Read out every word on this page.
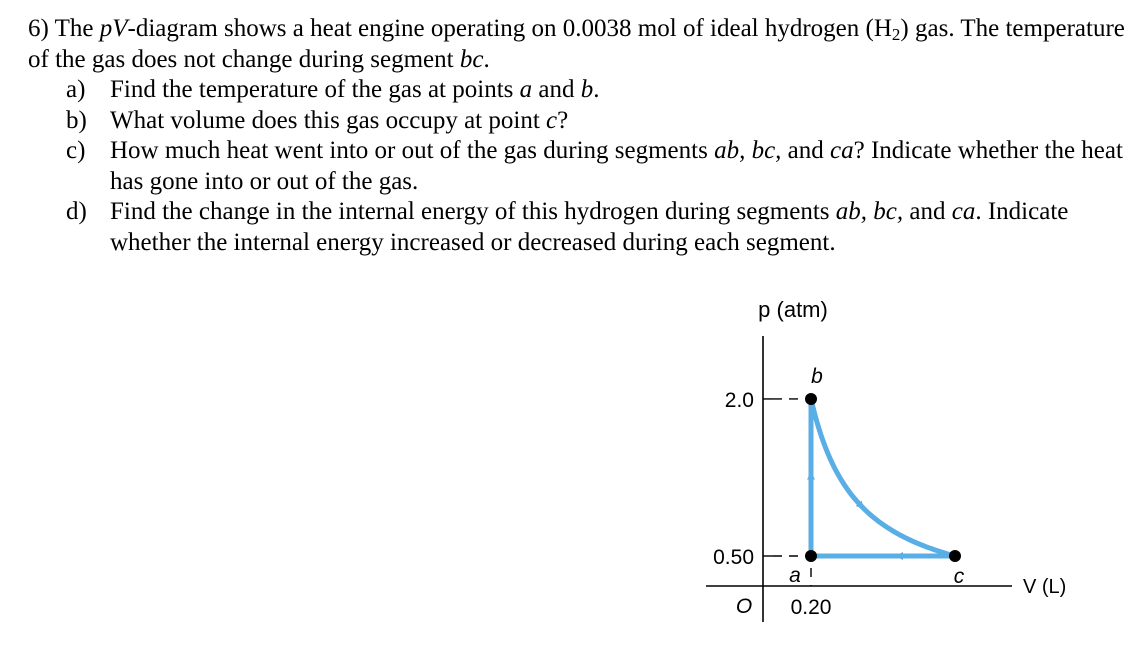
6) The pV-diagram shows a heat engine operating on 0.0038 mol of ideal hydrogen $(H_2)$ gas. The temperature of the gas does not change during segment bc.

a) Find the temperature of the gas at points a and b.
b) What volume does this gas occupy at point c?
c) How much heat went into or out of the gas during segments ab, bc, and ca? Indicate whether the heat has gone into or out of the gas.
d) Find the change in the internal energy of this hydrogen during segments ab, bc, and ca. Indicate whether the internal energy increased or decreased during each segment.
p (atm)
V (L)
O
0.50
2.0
0.20
a
b
c
